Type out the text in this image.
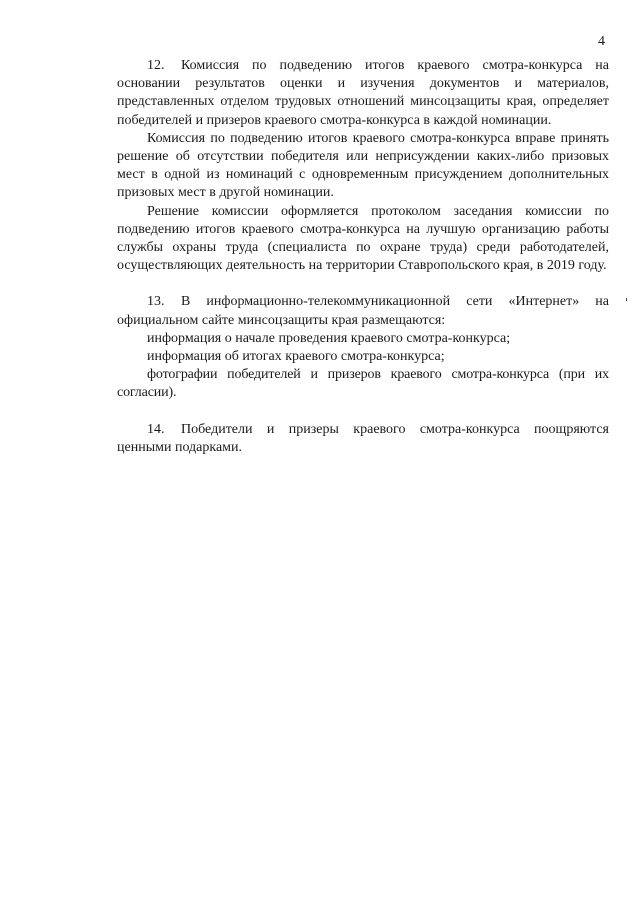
4

12. Комиссия по подведению итогов краевого смотра-конкурса на основании результатов оценки и изучения документов и материалов, представленных отделом трудовых отношений минсоцзащиты края, определяет победителей и призеров краевого смотра-конкурса в каждой номинации.

Комиссия по подведению итогов краевого смотра-конкурса вправе принять решение об отсутствии победителя или неприсуждении каких-либо призовых мест в одной из номинаций с одновременным присуждением дополнительных призовых мест в другой номинации.

Решение комиссии оформляется протоколом заседания комиссии по подведению итогов краевого смотра-конкурса на лучшую организацию работы службы охраны труда (специалиста по охране труда) среди работодателей, осуществляющих деятельность на территории Ставропольского края, в 2019 году.

13. В информационно-телекоммуникационной сети «Интернет» на официальном сайте минсоцзащиты края размещаются:

информация о начале проведения краевого смотра-конкурса;

информация об итогах краевого смотра-конкурса;

фотографии победителей и призеров краевого смотра-конкурса (при их согласии).

14. Победители и призеры краевого смотра-конкурса поощряются ценными подарками.
